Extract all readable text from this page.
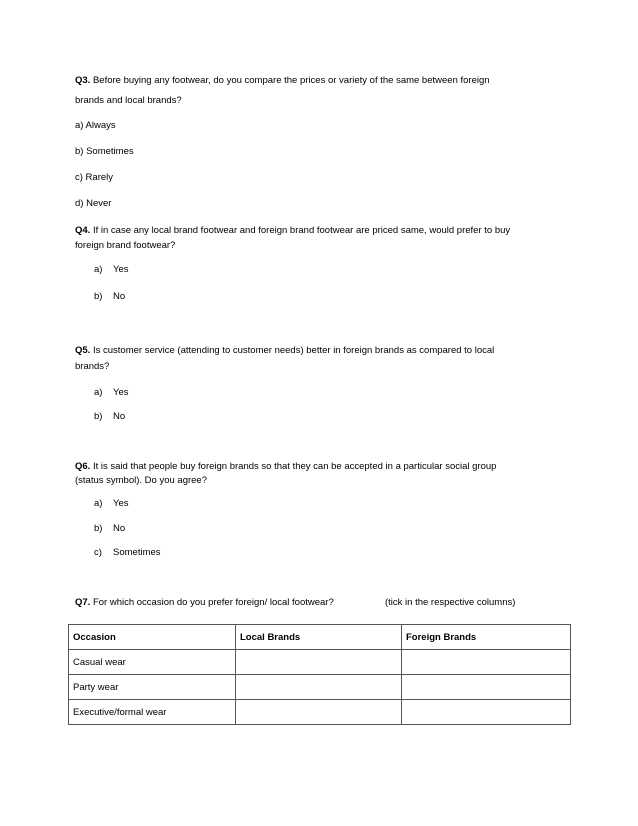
Q3. Before buying any footwear, do you compare the prices or variety of the same between foreign
brands and local brands?
a) Always
b) Sometimes
c) Rarely
d) Never
Q4. If in case any local brand footwear and foreign brand footwear are priced same, would prefer to buy
foreign brand footwear?
a) Yes
b) No
Q5. Is customer service (attending to customer needs) better in foreign brands as compared to local
brands?
a) Yes
b) No
Q6. It is said that people buy foreign brands so that they can be accepted in a particular social group
(status symbol). Do you agree?
a) Yes
b) No
c) Sometimes
Q7. For which occasion do you prefer foreign/ local footwear?	(tick in the respective columns)
Occasion	Local Brands	Foreign Brands
Casual wear		
Party wear		
Executive/formal wear		
